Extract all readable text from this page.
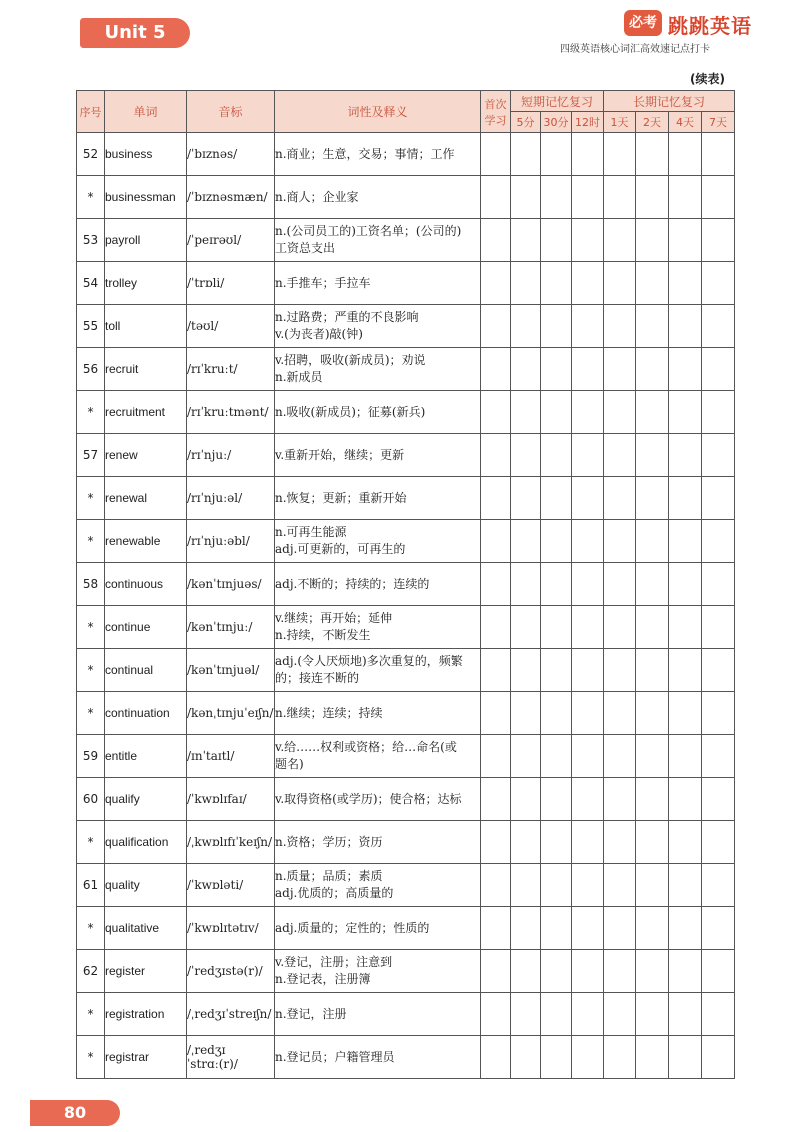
Unit 5	必考 跳跳英语
四级英语核心词汇高效速记点打卡
(续表)
序号	单词	音标	词性及释义	首次学习	短期记忆复习			长期记忆复习			
					5分	30分	12时	1天	2天	4天	7天
52	business	/ˈbɪznəs/	n.商业；生意，交易；事情；工作								

*	businessman	/ˈbɪznəsmæn/	n.商人；企业家								

53	payroll	/ˈpeɪrəʊl/	n.(公司员工的)工资名单；(公司的)
工资总支出								

54	trolley	/ˈtrɒli/	n.手推车；手拉车								

55	toll	/təʊl/	n.过路费；严重的不良影响
v.(为丧者)敲(钟)								

56	recruit	/rɪˈkruːt/	v.招聘，吸收(新成员)；劝说
n.新成员								

*	recruitment	/rɪˈkruːtmənt/	n.吸收(新成员)；征募(新兵)								

57	renew	/rɪˈnjuː/	v.重新开始，继续；更新								

*	renewal	/rɪˈnjuːəl/	n.恢复；更新；重新开始								

*	renewable	/rɪˈnjuːəbl/	n.可再生能源
adj.可更新的，可再生的								

58	continuous	/kənˈtɪnjuəs/	adj.不断的；持续的；连续的								

*	continue	/kənˈtɪnjuː/	v.继续；再开始；延伸
n.持续，不断发生								

*	continual	/kənˈtɪnjuəl/	adj.(令人厌烦地)多次重复的，频繁
的；接连不断的								

*	continuation	/kənˌtɪnjuˈeɪʃn/	n.继续；连续；持续								

59	entitle	/ɪnˈtaɪtl/	v.给……权利或资格；给…命名(或
题名)								

60	qualify	/ˈkwɒlɪfaɪ/	v.取得资格(或学历)；使合格；达标								

*	qualification	/ˌkwɒlɪfɪˈkeɪʃn/	n.资格；学历；资历								

61	quality	/ˈkwɒləti/	n.质量；品质；素质
adj.优质的；高质量的								

*	qualitative	/ˈkwɒlɪtətɪv/	adj.质量的；定性的；性质的								

62	register	/ˈredʒɪstə(r)/	v.登记，注册；注意到
n.登记表，注册簿								

*	registration	/ˌredʒɪˈstreɪʃn/	n.登记，注册								

*	registrar	/ˌredʒɪˈstrɑː(r)/	n.登记员；户籍管理员								

80
